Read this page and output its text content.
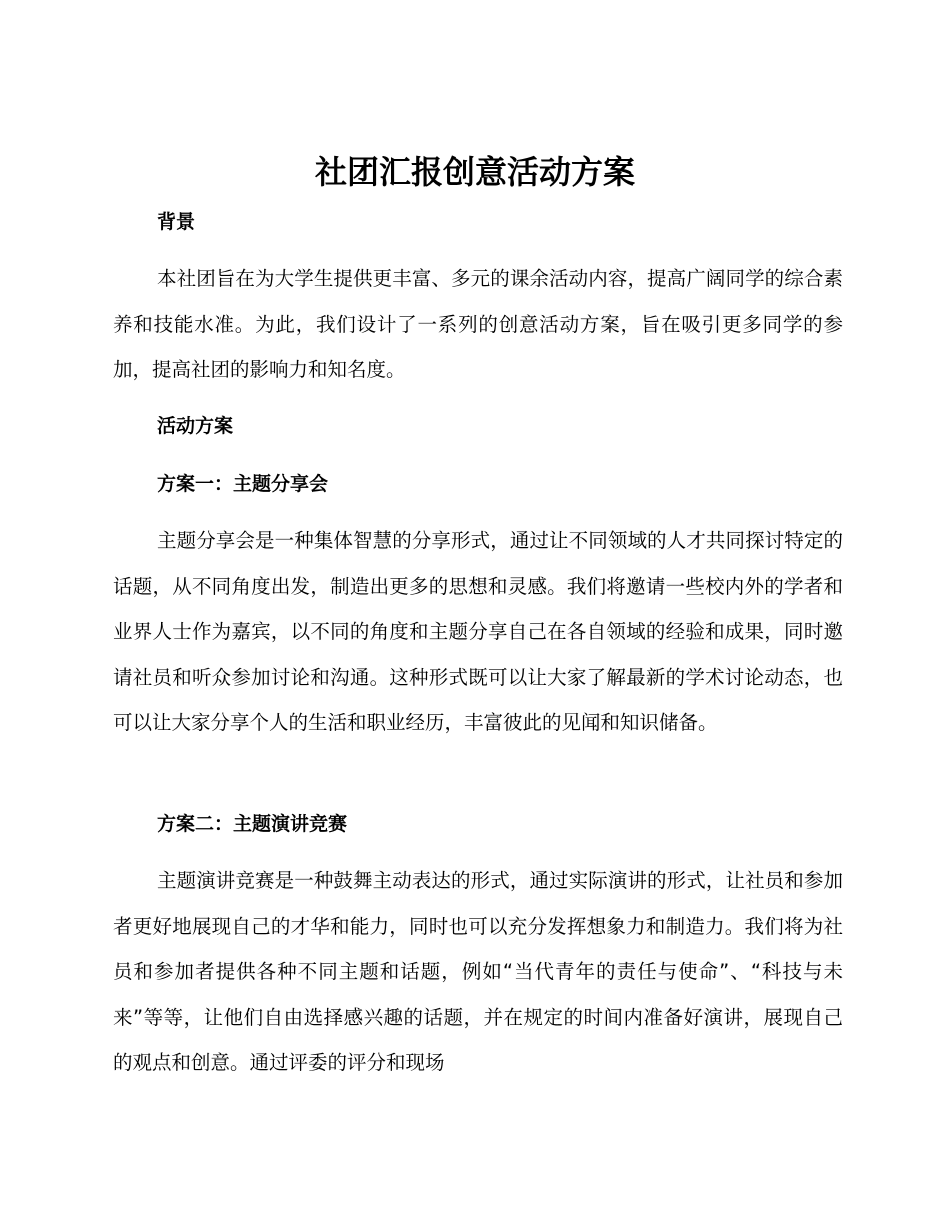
社团汇报创意活动方案
背景

本社团旨在为大学生提供更丰富、多元的课余活动内容，提高广阔同学的综合素养和技能水准。为此，我们设计了一系列的创意活动方案，旨在吸引更多同学的参加，提高社团的影响力和知名度。

活动方案
方案一：主题分享会

主题分享会是一种集体智慧的分享形式，通过让不同领域的人才共同探讨特定的话题，从不同角度出发，制造出更多的思想和灵感。我们将邀请一些校内外的学者和业界人士作为嘉宾，以不同的角度和主题分享自己在各自领域的经验和成果，同时邀请社员和听众参加讨论和沟通。这种形式既可以让大家了解最新的学术讨论动态，也可以让大家分享个人的生活和职业经历，丰富彼此的见闻和知识储备。

方案二：主题演讲竞赛

主题演讲竞赛是一种鼓舞主动表达的形式，通过实际演讲的形式，让社员和参加者更好地展现自己的才华和能力，同时也可以充分发挥想象力和制造力。我们将为社员和参加者提供各种不同主题和话题，例如“当代青年的责任与使命”、“科技与未来”等等，让他们自由选择感兴趣的话题，并在规定的时间内准备好演讲，展现自己的观点和创意。通过评委的评分和现场
